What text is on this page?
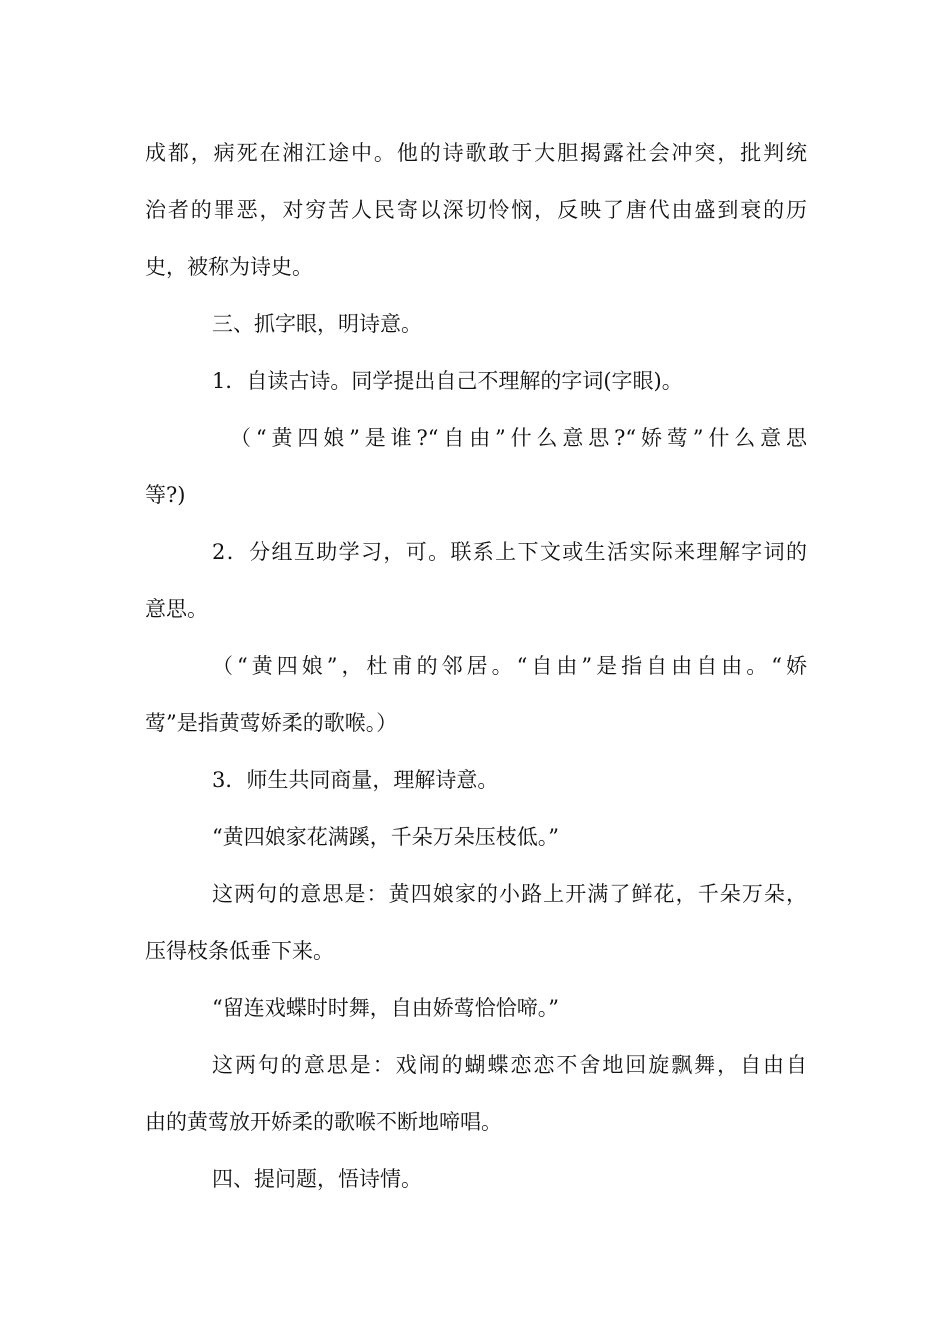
成都，病死在湘江途中。他的诗歌敢于大胆揭露社会冲突，批判统

治者的罪恶，对穷苦人民寄以深切怜悯，反映了唐代由盛到衰的历

史，被称为诗史。

三、抓字眼，明诗意。

1．自读古诗。同学提出自己不理解的字词(字眼)。

（“黄四娘”是谁?“自由”什么意思?“娇莺”什么意思

等?)

2．分组互助学习，可。联系上下文或生活实际来理解字词的

意思。

（“黄四娘”，杜甫的邻居。“自由”是指自由自由。“娇

莺”是指黄莺娇柔的歌喉。）

3．师生共同商量，理解诗意。

“黄四娘家花满蹊，千朵万朵压枝低。”

这两句的意思是：黄四娘家的小路上开满了鲜花，千朵万朵，

压得枝条低垂下来。

“留连戏蝶时时舞，自由娇莺恰恰啼。”

这两句的意思是：戏闹的蝴蝶恋恋不舍地回旋飘舞，自由自

由的黄莺放开娇柔的歌喉不断地啼唱。

四、提问题，悟诗情。
